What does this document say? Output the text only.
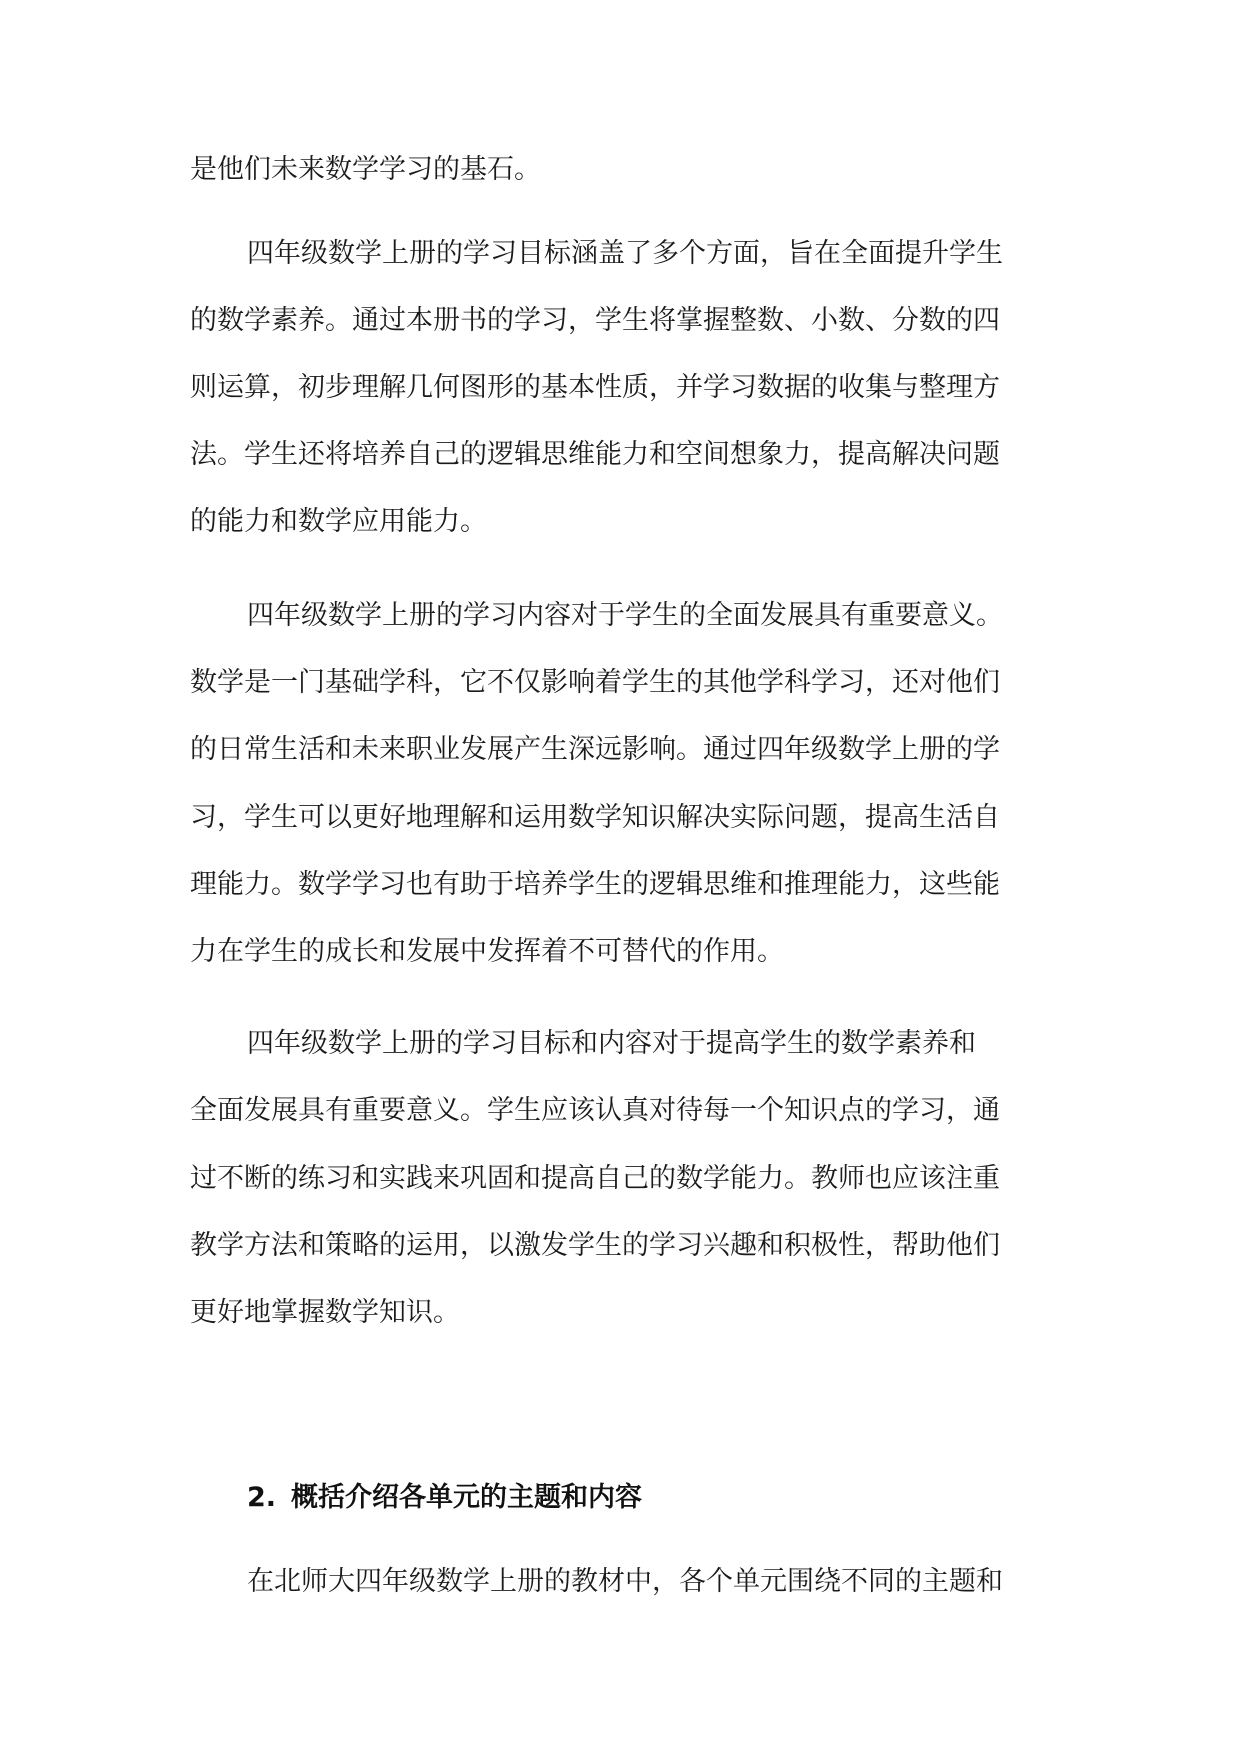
是他们未来数学学习的基石。
四年级数学上册的学习目标涵盖了多个方面，旨在全面提升学生
的数学素养。通过本册书的学习，学生将掌握整数、小数、分数的四
则运算，初步理解几何图形的基本性质，并学习数据的收集与整理方
法。学生还将培养自己的逻辑思维能力和空间想象力，提高解决问题
的能力和数学应用能力。
四年级数学上册的学习内容对于学生的全面发展具有重要意义。
数学是一门基础学科，它不仅影响着学生的其他学科学习，还对他们
的日常生活和未来职业发展产生深远影响。通过四年级数学上册的学
习，学生可以更好地理解和运用数学知识解决实际问题，提高生活自
理能力。数学学习也有助于培养学生的逻辑思维和推理能力，这些能
力在学生的成长和发展中发挥着不可替代的作用。
四年级数学上册的学习目标和内容对于提高学生的数学素养和
全面发展具有重要意义。学生应该认真对待每一个知识点的学习，通
过不断的练习和实践来巩固和提高自己的数学能力。教师也应该注重
教学方法和策略的运用，以激发学生的学习兴趣和积极性，帮助他们
更好地掌握数学知识。
2. 概括介绍各单元的主题和内容
在北师大四年级数学上册的教材中，各个单元围绕不同的主题和
